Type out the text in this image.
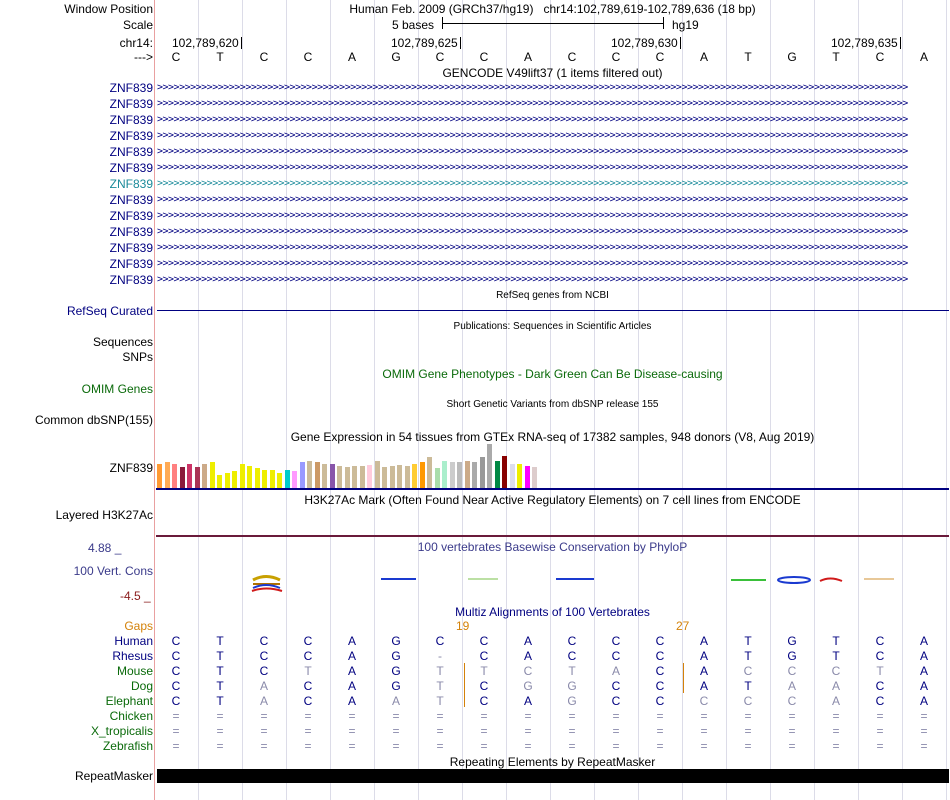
Window Position
Scale
chr14:
--->
Human Feb. 2009 (GRCh37/hg19)   chr14:102,789,619-102,789,636 (18 bp)
5 bases	hg19
102,789,620	102,789,625	102,789,630	102,789,635
C	T	C	C	A	G	C	C	A	C	C	C	A	T	G	T	C	A
GENCODE V49lift37 (1 items filtered out)
ZNF839 >>>>>>>>>>>>>>>>>>>>>>>>>>>>>>>>>>>>>>>>>>>>>>>>>>>>>>>>>>>>>>>>>>>>>>>>>>>>>>>>>>>>>>>>>>>>>>>>>>>>>>>>>>>>>>>>>>>>>>>>>>>>>>>>>>>>>>>>
ZNF839 >>>>>>>>>>>>>>>>>>>>>>>>>>>>>>>>>>>>>>>>>>>>>>>>>>>>>>>>>>>>>>>>>>>>>>>>>>>>>>>>>>>>>>>>>>>>>>>>>>>>>>>>>>>>>>>>>>>>>>>>>>>>>>>>>>>>>>>>
ZNF839 >>>>>>>>>>>>>>>>>>>>>>>>>>>>>>>>>>>>>>>>>>>>>>>>>>>>>>>>>>>>>>>>>>>>>>>>>>>>>>>>>>>>>>>>>>>>>>>>>>>>>>>>>>>>>>>>>>>>>>>>>>>>>>>>>>>>>>>>
ZNF839 >>>>>>>>>>>>>>>>>>>>>>>>>>>>>>>>>>>>>>>>>>>>>>>>>>>>>>>>>>>>>>>>>>>>>>>>>>>>>>>>>>>>>>>>>>>>>>>>>>>>>>>>>>>>>>>>>>>>>>>>>>>>>>>>>>>>>>>>
ZNF839 >>>>>>>>>>>>>>>>>>>>>>>>>>>>>>>>>>>>>>>>>>>>>>>>>>>>>>>>>>>>>>>>>>>>>>>>>>>>>>>>>>>>>>>>>>>>>>>>>>>>>>>>>>>>>>>>>>>>>>>>>>>>>>>>>>>>>>>>
ZNF839 >>>>>>>>>>>>>>>>>>>>>>>>>>>>>>>>>>>>>>>>>>>>>>>>>>>>>>>>>>>>>>>>>>>>>>>>>>>>>>>>>>>>>>>>>>>>>>>>>>>>>>>>>>>>>>>>>>>>>>>>>>>>>>>>>>>>>>>>
ZNF839 >>>>>>>>>>>>>>>>>>>>>>>>>>>>>>>>>>>>>>>>>>>>>>>>>>>>>>>>>>>>>>>>>>>>>>>>>>>>>>>>>>>>>>>>>>>>>>>>>>>>>>>>>>>>>>>>>>>>>>>>>>>>>>>>>>>>>>>>
ZNF839 >>>>>>>>>>>>>>>>>>>>>>>>>>>>>>>>>>>>>>>>>>>>>>>>>>>>>>>>>>>>>>>>>>>>>>>>>>>>>>>>>>>>>>>>>>>>>>>>>>>>>>>>>>>>>>>>>>>>>>>>>>>>>>>>>>>>>>>>
ZNF839 >>>>>>>>>>>>>>>>>>>>>>>>>>>>>>>>>>>>>>>>>>>>>>>>>>>>>>>>>>>>>>>>>>>>>>>>>>>>>>>>>>>>>>>>>>>>>>>>>>>>>>>>>>>>>>>>>>>>>>>>>>>>>>>>>>>>>>>>
ZNF839 >>>>>>>>>>>>>>>>>>>>>>>>>>>>>>>>>>>>>>>>>>>>>>>>>>>>>>>>>>>>>>>>>>>>>>>>>>>>>>>>>>>>>>>>>>>>>>>>>>>>>>>>>>>>>>>>>>>>>>>>>>>>>>>>>>>>>>>>
ZNF839 >>>>>>>>>>>>>>>>>>>>>>>>>>>>>>>>>>>>>>>>>>>>>>>>>>>>>>>>>>>>>>>>>>>>>>>>>>>>>>>>>>>>>>>>>>>>>>>>>>>>>>>>>>>>>>>>>>>>>>>>>>>>>>>>>>>>>>>>
ZNF839 >>>>>>>>>>>>>>>>>>>>>>>>>>>>>>>>>>>>>>>>>>>>>>>>>>>>>>>>>>>>>>>>>>>>>>>>>>>>>>>>>>>>>>>>>>>>>>>>>>>>>>>>>>>>>>>>>>>>>>>>>>>>>>>>>>>>>>>>
ZNF839 >>>>>>>>>>>>>>>>>>>>>>>>>>>>>>>>>>>>>>>>>>>>>>>>>>>>>>>>>>>>>>>>>>>>>>>>>>>>>>>>>>>>>>>>>>>>>>>>>>>>>>>>>>>>>>>>>>>>>>>>>>>>>>>>>>>>>>>>
RefSeq genes from NCBI
RefSeq Curated
Publications: Sequences in Scientific Articles
Sequences
SNPs
OMIM Gene Phenotypes - Dark Green Can Be Disease-causing
OMIM Genes
Short Genetic Variants from dbSNP release 155
Common dbSNP(155)
Gene Expression in 54 tissues from GTEx RNA-seq of 17382 samples, 948 donors (V8, Aug 2019)
ZNF839
H3K27Ac Mark (Often Found Near Active Regulatory Elements) on 7 cell lines from ENCODE
Layered H3K27Ac
100 vertebrates Basewise Conservation by PhyloP
4.88 _
100 Vert. Cons
-4.5 _
Multiz Alignments of 100 Vertebrates
Gaps	19	27
Human	C	T	C	C	A	G	C	C	A	C	C	C	A	T	G	T	C	A
Rhesus	C	T	C	C	A	G	-	C	A	C	C	C	A	T	G	T	C	A
Mouse	C	T	C	T	A	G	T	T	C	T	A	C	A	C	C	C	T	A
Dog	C	T	A	C	A	G	T	C	G	G	C	C	A	T	A	A	C	A
Elephant	C	T	A	C	A	A	T	C	A	G	C	C	C	C	C	A	C	A
Chicken	=	=	=	=	=	=	=	=	=	=	=	=	=	=	=	=	=	=
X_tropicalis	=	=	=	=	=	=	=	=	=	=	=	=	=	=	=	=	=	=
Zebrafish	=	=	=	=	=	=	=	=	=	=	=	=	=	=	=	=	=	=
Repeating Elements by RepeatMasker
RepeatMasker
